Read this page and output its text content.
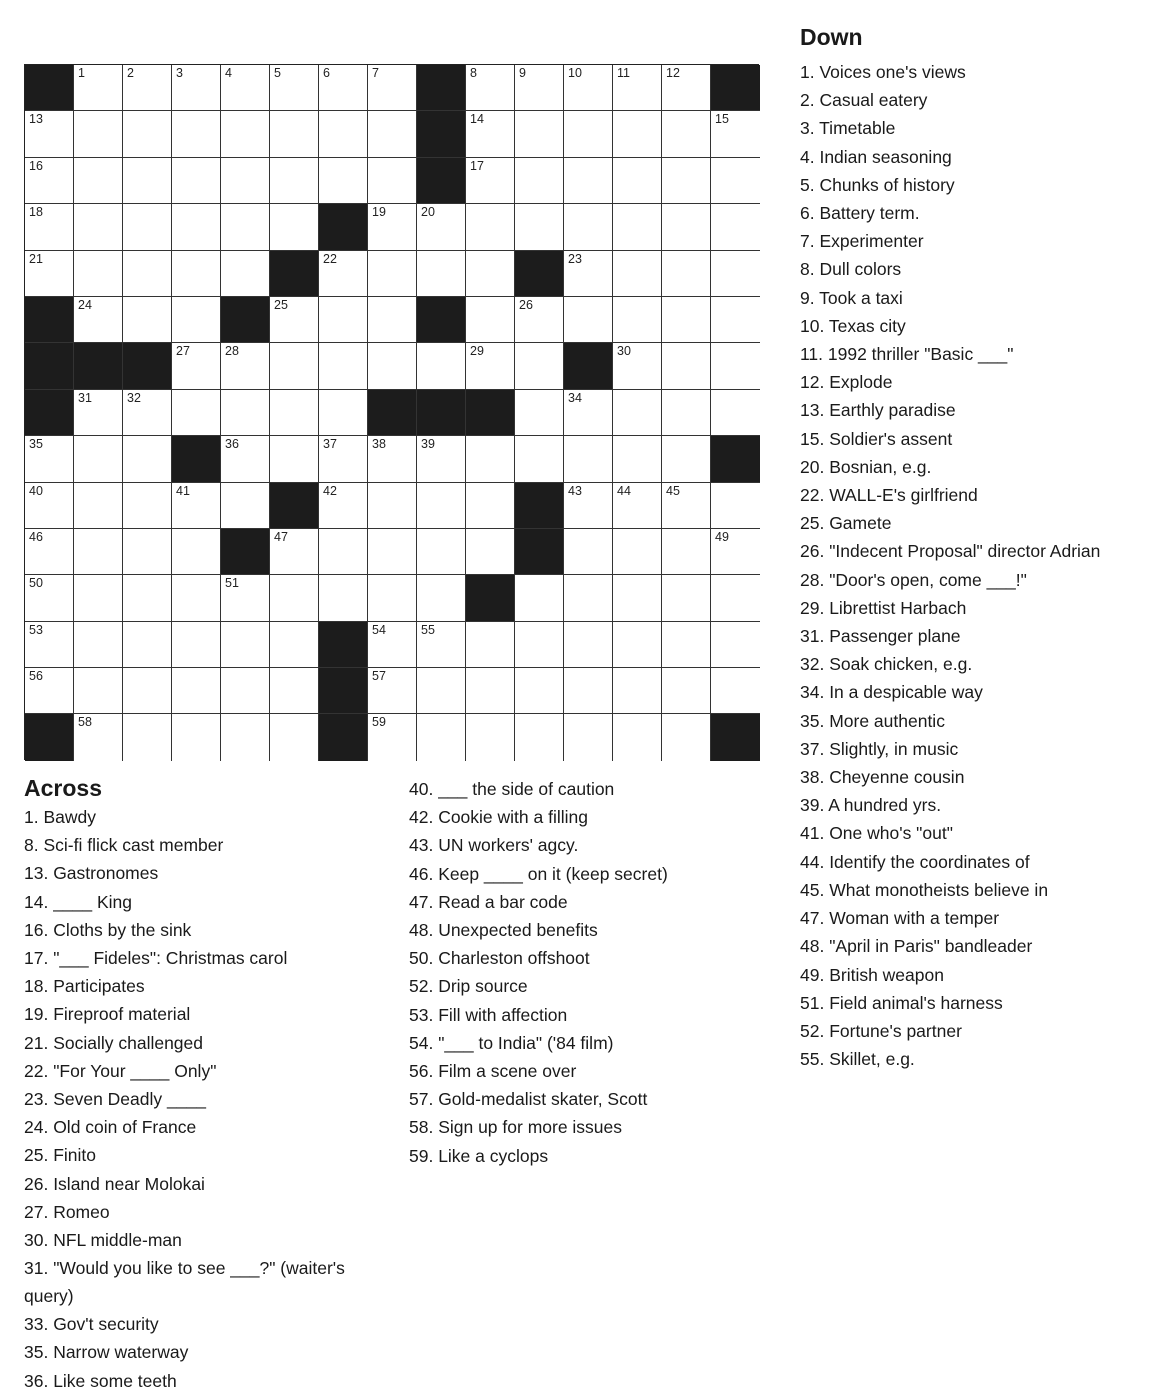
1	2	3	4	5	6	7	8	9	10	11	12
13	14	15
16	17
18	19	20
21	22	23
24	25	26
27	28	29	30
31	32	34
35	36	37	38	39
40	41	42	43	44	45
46	47	49
50	51
53	54	55
56	57
58	59
Across
1. Bawdy
8. Sci-fi flick cast member
13. Gastronomes
14. ____ King
16. Cloths by the sink
17. "___ Fideles": Christmas carol
18. Participates
19. Fireproof material
21. Socially challenged
22. "For Your ____ Only"
23. Seven Deadly ____
24. Old coin of France
25. Finito
26. Island near Molokai
27. Romeo
30. NFL middle-man
31. "Would you like to see ___?" (waiter's query)
33. Gov't security
35. Narrow waterway
36. Like some teeth
40. ___ the side of caution
42. Cookie with a filling
43. UN workers' agcy.
46. Keep ____ on it (keep secret)
47. Read a bar code
48. Unexpected benefits
50. Charleston offshoot
52. Drip source
53. Fill with affection
54. "___ to India" ('84 film)
56. Film a scene over
57. Gold-medalist skater, Scott
58. Sign up for more issues
59. Like a cyclops
Down
1. Voices one's views
2. Casual eatery
3. Timetable
4. Indian seasoning
5. Chunks of history
6. Battery term.
7. Experimenter
8. Dull colors
9. Took a taxi
10. Texas city
11. 1992 thriller "Basic ___"
12. Explode
13. Earthly paradise
15. Soldier's assent
20. Bosnian, e.g.
22. WALL-E's girlfriend
25. Gamete
26. "Indecent Proposal" director Adrian
28. "Door's open, come ___!"
29. Librettist Harbach
31. Passenger plane
32. Soak chicken, e.g.
34. In a despicable way
35. More authentic
37. Slightly, in music
38. Cheyenne cousin
39. A hundred yrs.
41. One who's "out"
44. Identify the coordinates of
45. What monotheists believe in
47. Woman with a temper
48. "April in Paris" bandleader
49. British weapon
51. Field animal's harness
52. Fortune's partner
55. Skillet, e.g.
